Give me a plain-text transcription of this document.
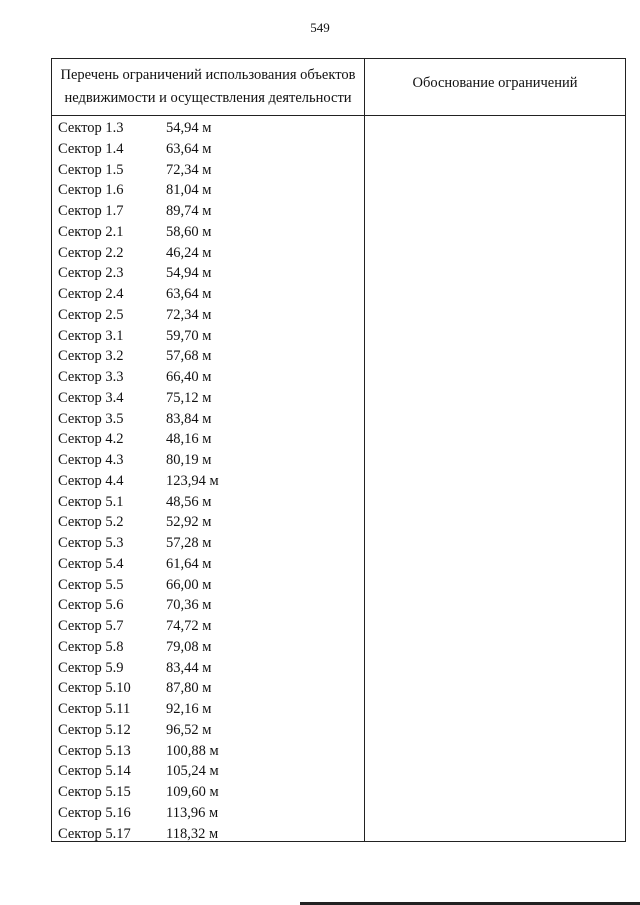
549
Перечень ограничений использования объектов
недвижимости и осуществления деятельности
Обоснование ограничений
Сектор 1.3	54,94 м
Сектор 1.4	63,64 м
Сектор 1.5	72,34 м
Сектор 1.6	81,04 м
Сектор 1.7	89,74 м
Сектор 2.1	58,60 м
Сектор 2.2	46,24 м
Сектор 2.3	54,94 м
Сектор 2.4	63,64 м
Сектор 2.5	72,34 м
Сектор 3.1	59,70 м
Сектор 3.2	57,68 м
Сектор 3.3	66,40 м
Сектор 3.4	75,12 м
Сектор 3.5	83,84 м
Сектор 4.2	48,16 м
Сектор 4.3	80,19 м
Сектор 4.4	123,94 м
Сектор 5.1	48,56 м
Сектор 5.2	52,92 м
Сектор 5.3	57,28 м
Сектор 5.4	61,64 м
Сектор 5.5	66,00 м
Сектор 5.6	70,36 м
Сектор 5.7	74,72 м
Сектор 5.8	79,08 м
Сектор 5.9	83,44 м
Сектор 5.10 87,80 м
Сектор 5.11 92,16 м
Сектор 5.12 96,52 м
Сектор 5.13 100,88 м
Сектор 5.14 105,24 м
Сектор 5.15 109,60 м
Сектор 5.16 113,96 м
Сектор 5.17 118,32 м
